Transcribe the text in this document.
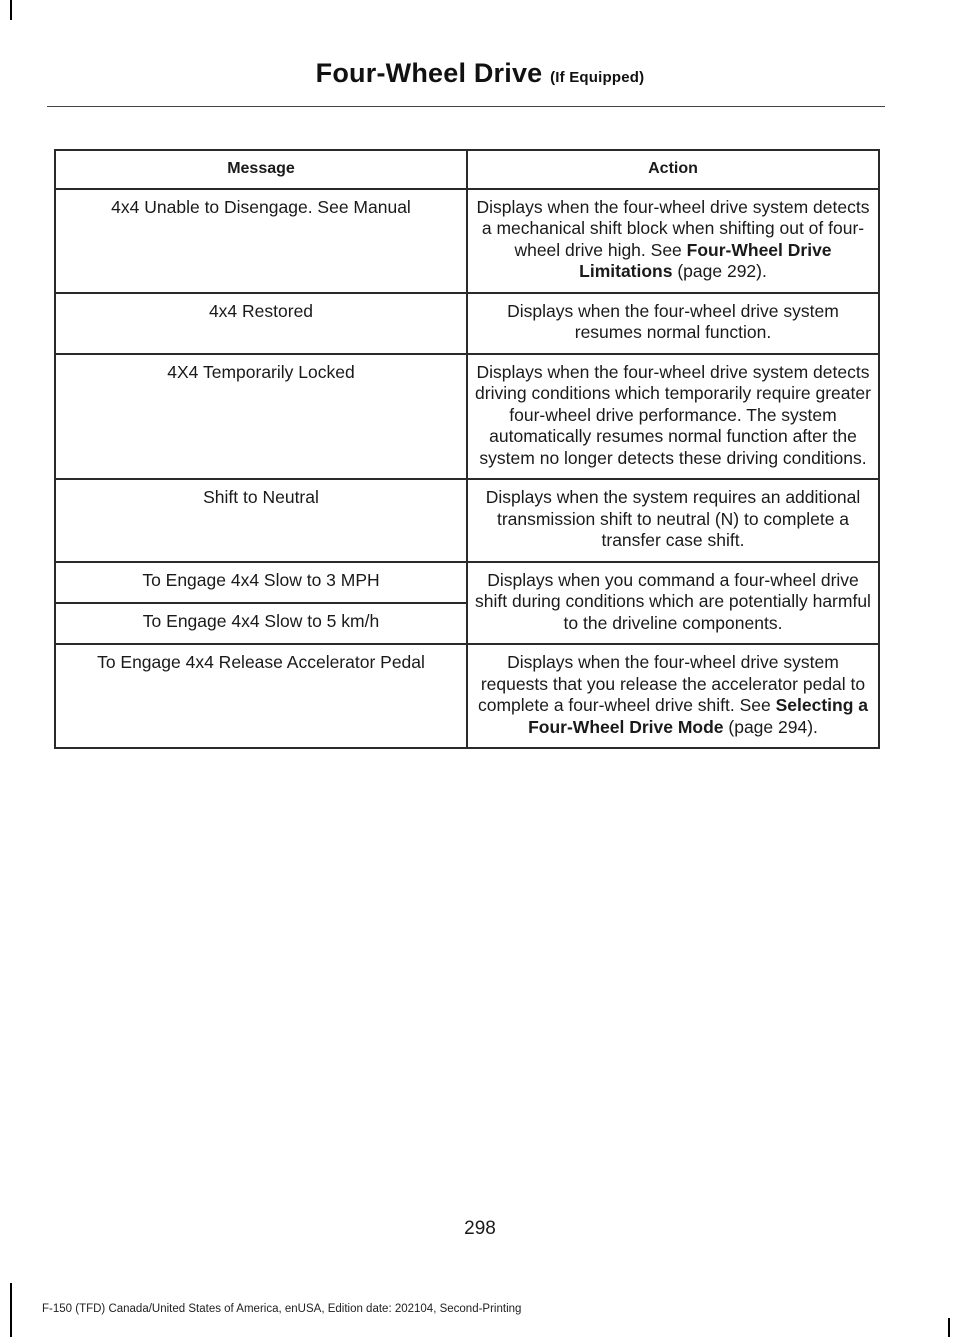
Four-Wheel Drive (If Equipped)
Message	Action
4x4 Unable to Disengage. See Manual	Displays when the four-wheel drive system detects a mechanical shift block when shifting out of four-wheel drive high. See Four-Wheel Drive Limitations (page 292).
4x4 Restored	Displays when the four-wheel drive system resumes normal function.
4X4 Temporarily Locked	Displays when the four-wheel drive system detects driving conditions which temporarily require greater four-wheel drive performance. The system automatically resumes normal function after the system no longer detects these driving conditions.
Shift to Neutral	Displays when the system requires an additional transmission shift to neutral (N) to complete a transfer case shift.
To Engage 4x4 Slow to 3 MPH	Displays when you command a four-wheel drive shift during conditions which are potentially harmful to the driveline components.
To Engage 4x4 Slow to 5 km/h	
To Engage 4x4 Release Accelerator Pedal	Displays when the four-wheel drive system requests that you release the accelerator pedal to complete a four-wheel drive shift. See Selecting a Four-Wheel Drive Mode (page 294).
298
F-150 (TFD) Canada/United States of America, enUSA, Edition date: 202104, Second-Printing
